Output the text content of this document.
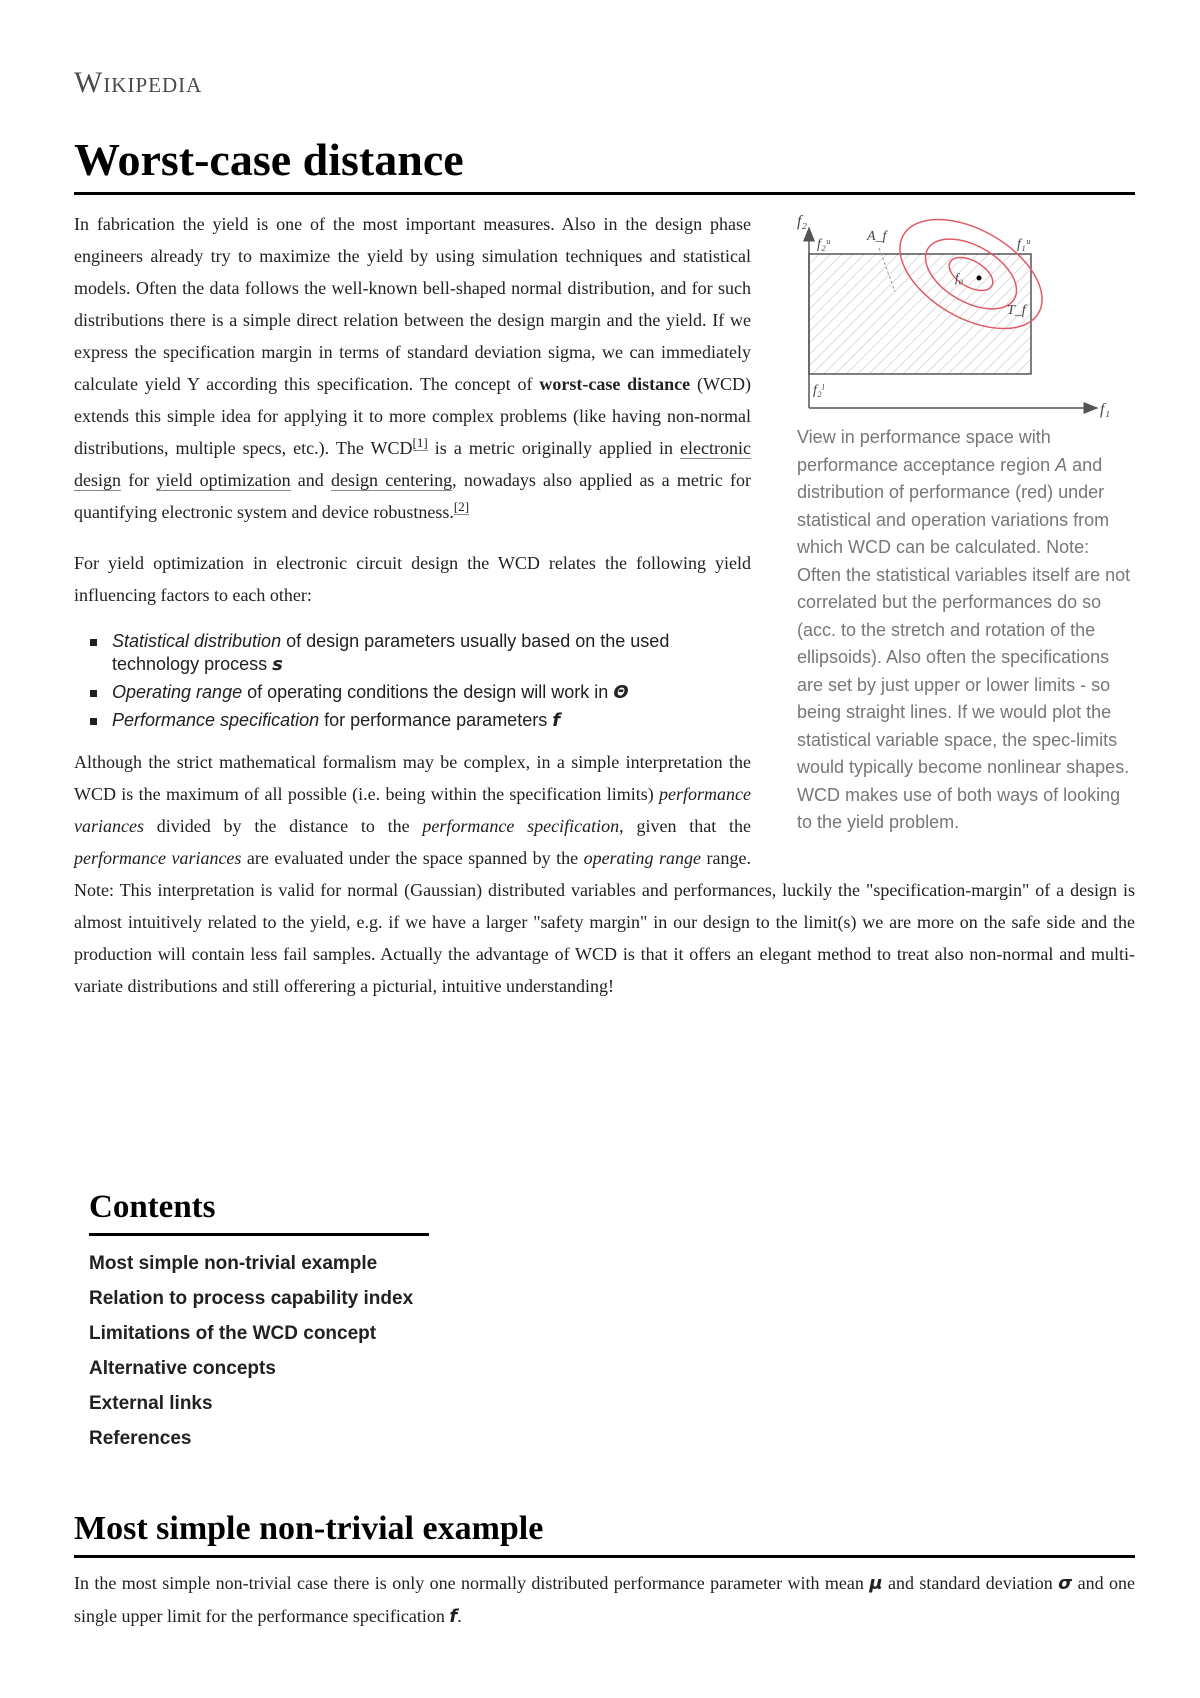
Wikipedia
Worst-case distance
f₂
f₁
f₂ᵘ	f₁ᵘ
f₂ˡ
A_f
T_f
f₀
View in performance space with performance acceptance region A and distribution of performance (red) under statistical and operation variations from which WCD can be calculated. Note: Often the statistical variables itself are not correlated but the performances do so (acc. to the stretch and rotation of the ellipsoids). Also often the specifications are set by just upper or lower limits - so being straight lines. If we would plot the statistical variable space, the spec-limits would typically become nonlinear shapes. WCD makes use of both ways of looking to the yield problem.

In fabrication the yield is one of the most important measures. Also in the design phase engineers already try to maximize the yield by using simulation techniques and statistical models. Often the data follows the well-known bell-shaped normal distribution, and for such distributions there is a simple direct relation between the design margin and the yield. If we express the specification margin in terms of standard deviation sigma, we can immediately calculate yield Y according this specification. The concept of worst-case distance (WCD) extends this simple idea for applying it to more complex problems (like having non-normal distributions, multiple specs, etc.). The WCD[1] is a metric originally applied in electronic design for yield optimization and design centering, nowadays also applied as a metric for quantifying electronic system and device robustness.[2]

For yield optimization in electronic circuit design the WCD relates the following yield influencing factors to each other:

Statistical distribution of design parameters usually based on the used technology process s
Operating range of operating conditions the design will work in Θ
Performance specification for performance parameters f

Although the strict mathematical formalism may be complex, in a simple interpretation the WCD is the maximum of all possible (i.e. being within the specification limits) performance variances divided by the distance to the performance specification, given that the performance variances are evaluated under the space spanned by the operating range range. Note: This interpretation is valid for normal (Gaussian) distributed variables and performances, luckily the "specification-margin" of a design is almost intuitively related to the yield, e.g. if we have a larger "safety margin" in our design to the limit(s) we are more on the safe side and the production will contain less fail samples. Actually the advantage of WCD is that it offers an elegant method to treat also non-normal and multi-variate distributions and still offerering a picturial, intuitive understanding!

Contents
Most simple non-trivial example
Relation to process capability index
Limitations of the WCD concept
Alternative concepts
External links
References
Most simple non-trivial example

In the most simple non-trivial case there is only one normally distributed performance parameter with mean μ and standard deviation σ and one single upper limit for the performance specification f.
